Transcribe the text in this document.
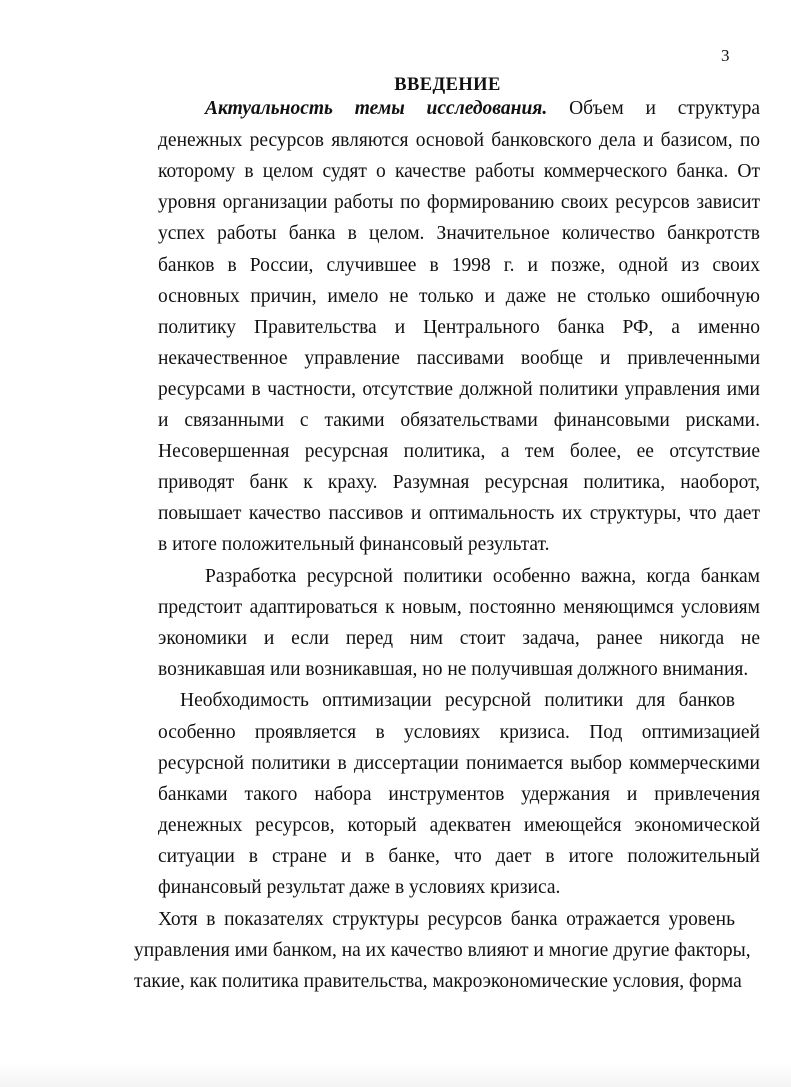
3
ВВЕДЕНИЕ
Актуальность темы исследования. Объем и структура
денежных ресурсов являются основой банковского дела и базисом, по
которому в целом судят о качестве работы коммерческого банка. От
уровня организации работы по формированию своих ресурсов зависит
успех работы банка в целом. Значительное количество банкротств
банков в России, случившее в 1998 г. и позже, одной из своих
основных причин, имело не только и даже не столько ошибочную
политику Правительства и Центрального банка РФ, а именно
некачественное управление пассивами вообще и привлеченными
ресурсами в частности, отсутствие должной политики управления ими
и связанными с такими обязательствами финансовыми рисками.
Несовершенная ресурсная политика, а тем более, ее отсутствие
приводят банк к краху. Разумная ресурсная политика, наоборот,
повышает качество пассивов и оптимальность их структуры, что дает
в итоге положительный финансовый результат.
Разработка ресурсной политики особенно важна, когда банкам
предстоит адаптироваться к новым, постоянно меняющимся условиям
экономики и если перед ним стоит задача, ранее никогда не
возникавшая или возникавшая, но не получившая должного внимания.
Необходимость оптимизации ресурсной политики для банков
особенно проявляется в условиях кризиса. Под оптимизацией
ресурсной политики в диссертации понимается выбор коммерческими
банками такого набора инструментов удержания и привлечения
денежных ресурсов, который адекватен имеющейся экономической
ситуации в стране и в банке, что дает в итоге положительный
финансовый результат даже в условиях кризиса.
Хотя в показателях структуры ресурсов банка отражается уровень
управления ими банком, на их качество влияют и многие другие факторы,
такие, как политика правительства, макроэкономические условия, форма
